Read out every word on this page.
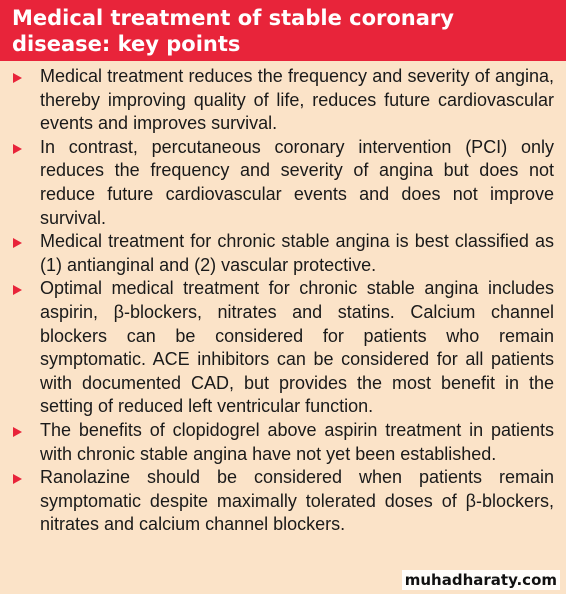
Medical treatment of stable coronary disease: key points
Medical treatment reduces the frequency and severity of angina, thereby improving quality of life, reduces future cardiovascular events and improves survival.
In contrast, percutaneous coronary intervention (PCI) only reduces the frequency and severity of angina but does not reduce future cardiovascular events and does not improve survival.
Medical treatment for chronic stable angina is best classified as (1) antianginal and (2) vascular protective.
Optimal medical treatment for chronic stable angina includes aspirin, β-blockers, nitrates and statins. Calcium channel blockers can be considered for patients who remain symptomatic. ACE inhibitors can be considered for all patients with documented CAD, but provides the most benefit in the setting of reduced left ventricular function.
The benefits of clopidogrel above aspirin treatment in patients with chronic stable angina have not yet been established.
Ranolazine should be considered when patients remain symptomatic despite maximally tolerated doses of β-blockers, nitrates and calcium channel blockers.
muhadharaty.com
